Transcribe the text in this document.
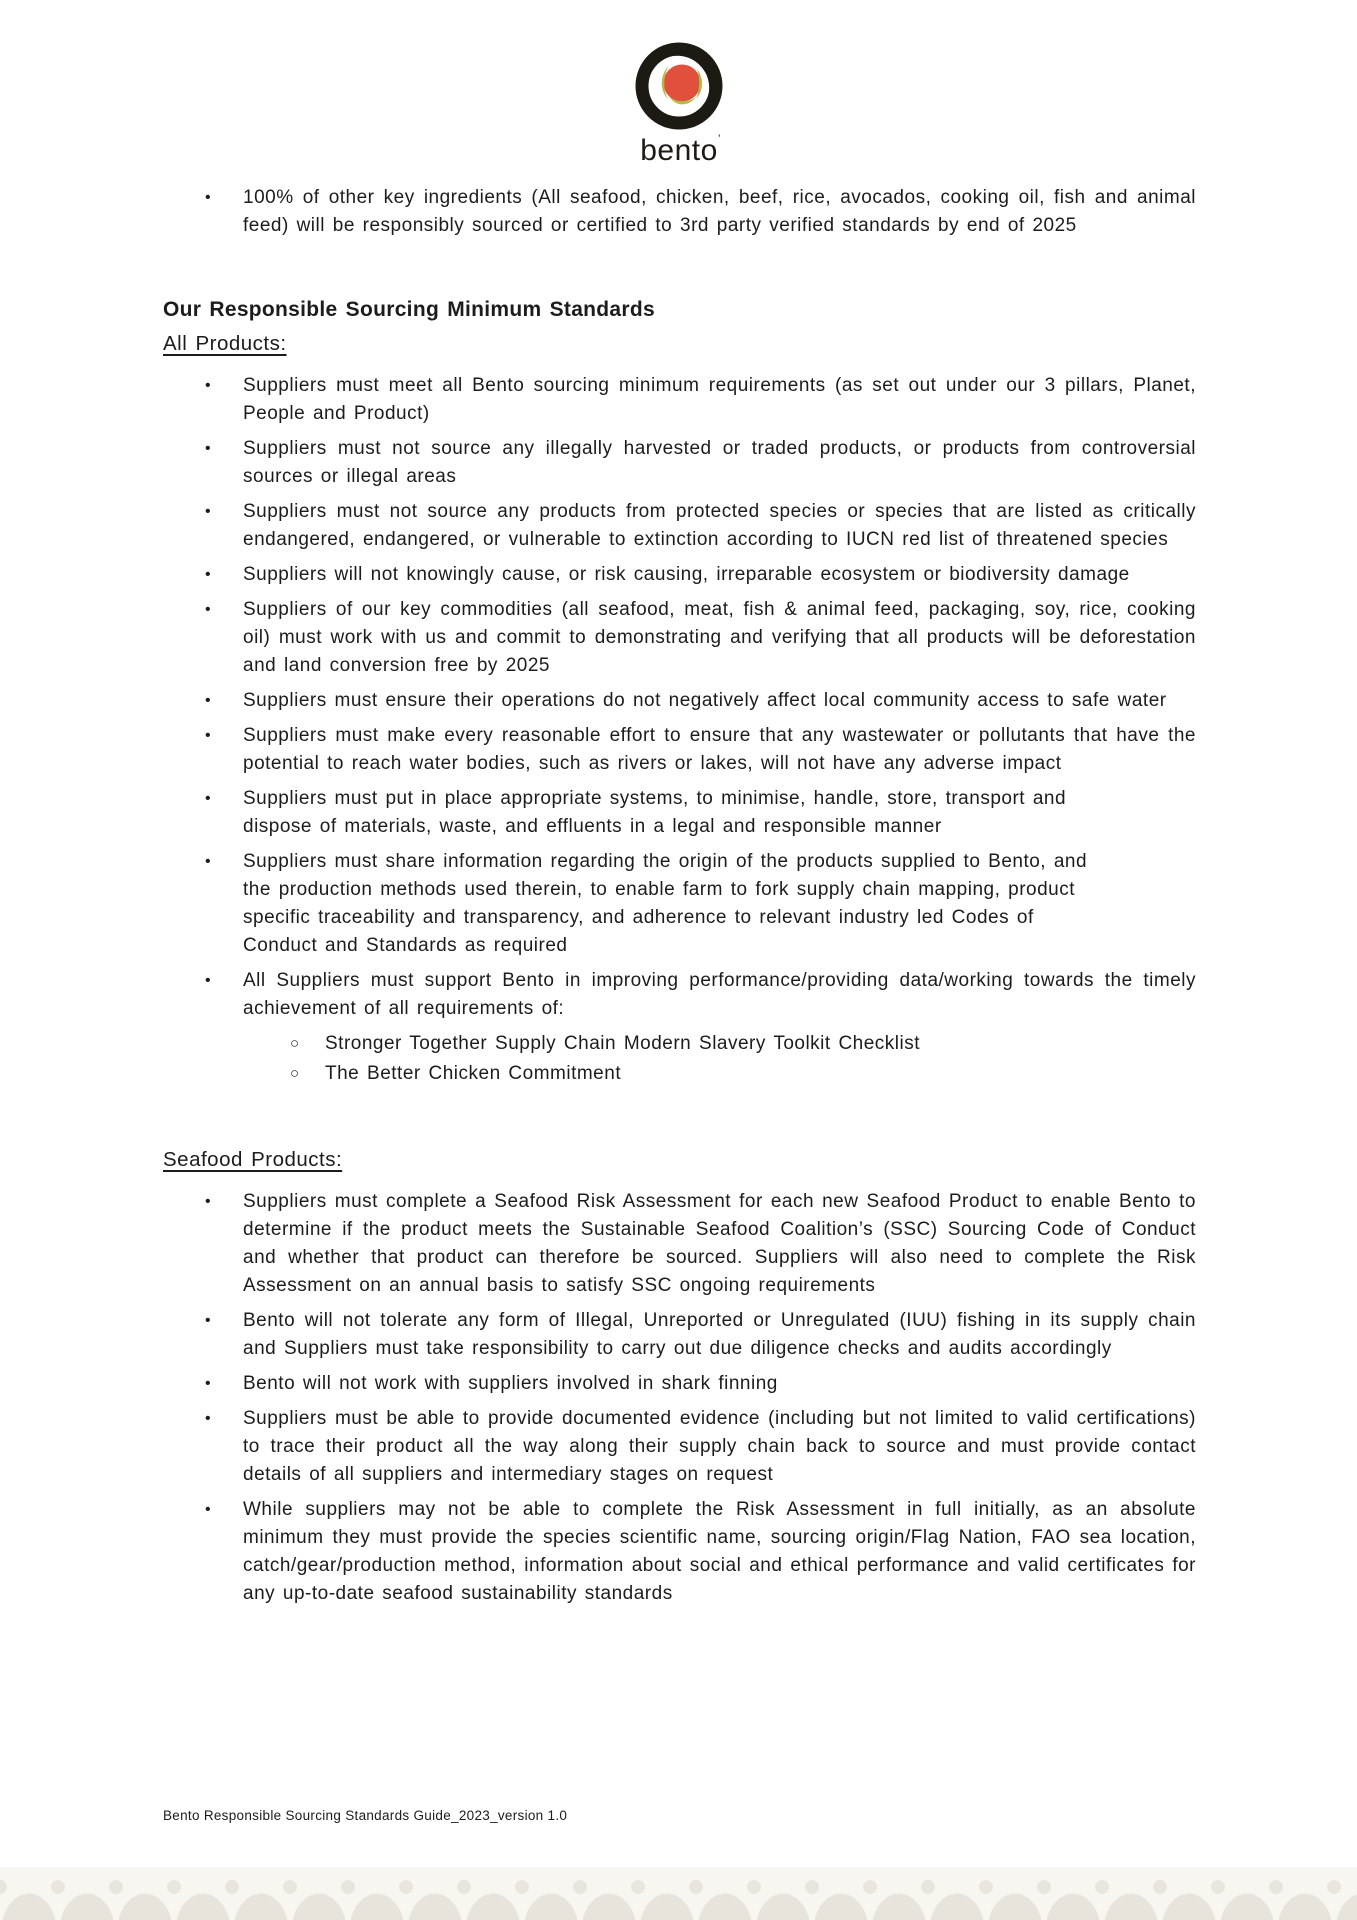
bento ’
•	100% of other key ingredients (All seafood, chicken, beef, rice, avocados, cooking oil, fish and animal feed) will be responsibly sourced or certified to 3rd party verified standards by end of 2025
Our Responsible Sourcing Minimum Standards
All Products:
•	Suppliers must meet all Bento sourcing minimum requirements (as set out under our 3 pillars, Planet, People and Product)
•	Suppliers must not source any illegally harvested or traded products, or products from controversial sources or illegal areas
•	Suppliers must not source any products from protected species or species that are listed as critically endangered, endangered, or vulnerable to extinction according to IUCN red list of threatened species
•	Suppliers will not knowingly cause, or risk causing, irreparable ecosystem or biodiversity damage
•	Suppliers of our key commodities (all seafood, meat, fish & animal feed, packaging, soy, rice, cooking oil) must work with us and commit to demonstrating and verifying that all products will be deforestation and land conversion free by 2025
•	Suppliers must ensure their operations do not negatively affect local community access to safe water
•	Suppliers must make every reasonable effort to ensure that any wastewater or pollutants that have the potential to reach water bodies, such as rivers or lakes, will not have any adverse impact
•	Suppliers must put in place appropriate systems, to minimise, handle, store, transport and dispose of materials, waste, and effluents in a legal and responsible manner
•	Suppliers must share information regarding the origin of the products supplied to Bento, and the production methods used therein, to enable farm to fork supply chain mapping, product specific traceability and transparency, and adherence to relevant industry led Codes of Conduct and Standards as required
•	All Suppliers must support Bento in improving performance/providing data/working towards the timely achievement of all requirements of:
○	Stronger Together Supply Chain Modern Slavery Toolkit Checklist
○	The Better Chicken Commitment
Seafood Products:
•	Suppliers must complete a Seafood Risk Assessment for each new Seafood Product to enable Bento to determine if the product meets the Sustainable Seafood Coalition’s (SSC) Sourcing Code of Conduct and whether that product can therefore be sourced. Suppliers will also need to complete the Risk Assessment on an annual basis to satisfy SSC ongoing requirements
•	Bento will not tolerate any form of Illegal, Unreported or Unregulated (IUU) fishing in its supply chain and Suppliers must take responsibility to carry out due diligence checks and audits accordingly
•	Bento will not work with suppliers involved in shark finning
•	Suppliers must be able to provide documented evidence (including but not limited to valid certifications) to trace their product all the way along their supply chain back to source and must provide contact details of all suppliers and intermediary stages on request
•	While suppliers may not be able to complete the Risk Assessment in full initially, as an absolute minimum they must provide the species scientific name, sourcing origin/Flag Nation, FAO sea location, catch/gear/production method, information about social and ethical performance and valid certificates for any up-to-date seafood sustainability standards
Bento Responsible Sourcing Standards Guide_2023_version 1.0
